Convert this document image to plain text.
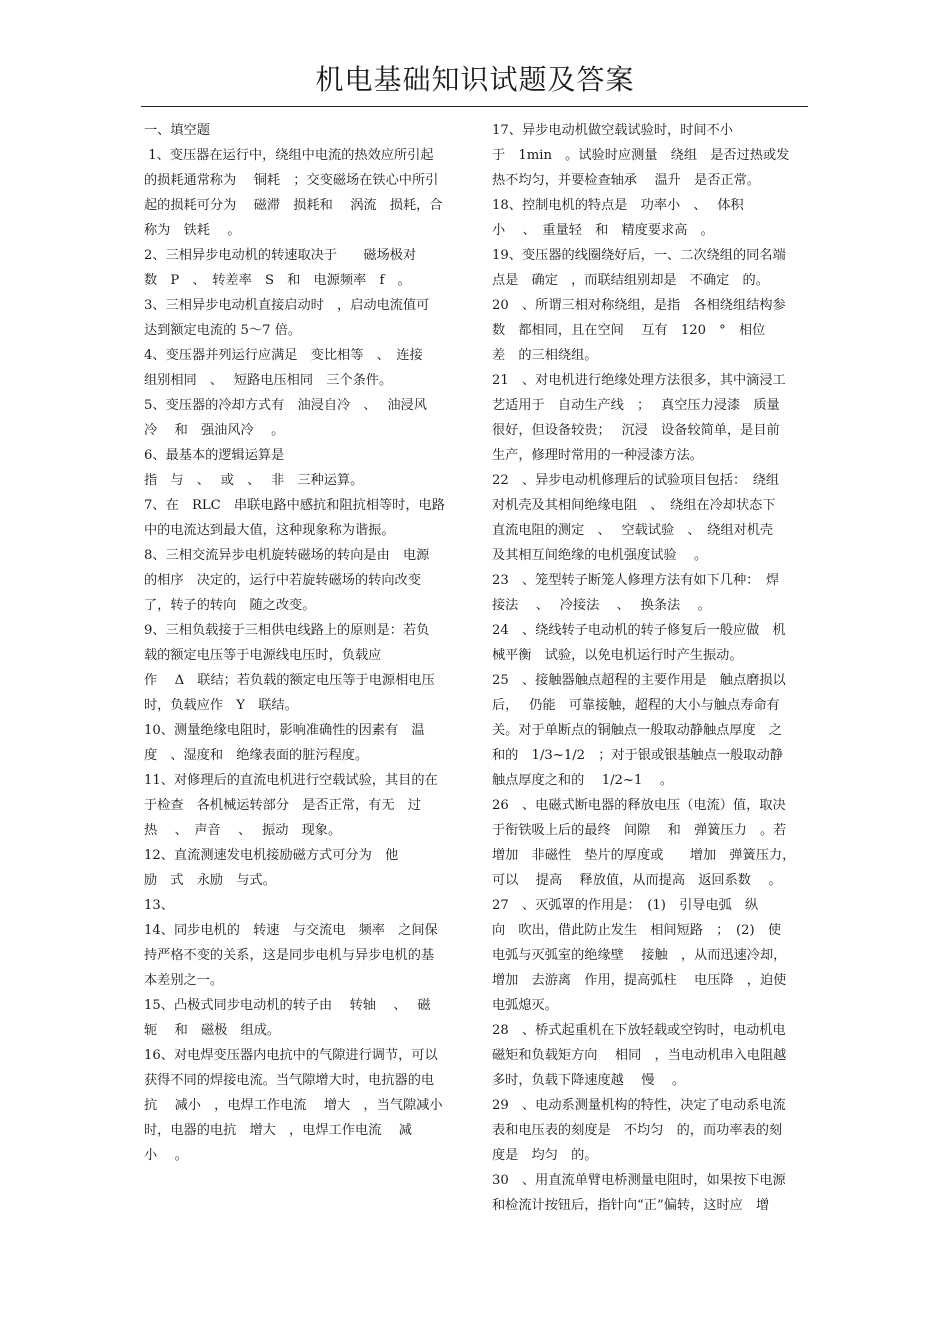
机电基础知识试题及答案
一、填空题
1、变压器在运行中，绕组中电流的热效应所引起
的损耗通常称为　 铜耗　；交变磁场在铁心中所引
起的损耗可分为　 磁滞　损耗和　 涡流　损耗，合
称为　铁耗　 。
2、三相异步电动机的转速取决于　　磁场极对
数　P　、　转差率　S　和　电源频率　f　。
3、三相异步电动机直接启动时　，启动电流值可
达到额定电流的 5～7 倍。
4、变压器并列运行应满足　变比相等　、　连接
组别相同　、　 短路电压相同　三个条件。
5、变压器的冷却方式有　油浸自冷　、　 油浸风
冷　 和　强油风冷　 。
6、最基本的逻辑运算是
指　与　、　 或　、　 非　三种运算。
7、在　RLC　串联电路中感抗和阻抗相等时，电路
中的电流达到最大值，这种现象称为谐振。
8、三相交流异步电机旋转磁场的转向是由　电源
的相序　决定的，运行中若旋转磁场的转向改变
了，转子的转向　随之改变。
9、三相负载接于三相供电线路上的原则是：若负
载的额定电压等于电源线电压时，负载应
作　 Δ　联结；若负载的额定电压等于电源相电压
时，负载应作　Y　联结。
10、测量绝缘电阻时，影响准确性的因素有　温
度　、湿度和　绝缘表面的脏污程度。
11、对修理后的直流电机进行空载试验，其目的在
于检查　各机械运转部分　是否正常，有无　过
热　 、　声音　 、　 振动　现象。
12、直流测速发电机接励磁方式可分为　他
励　式　永励　与式。
13、
14、同步电机的　转速　与交流电　频率　之间保
持严格不变的关系，这是同步电机与异步电机的基
本差别之一。
15、凸极式同步电动机的转子由　 转轴　 、　 磁
轭　 和　磁极　组成。
16、对电焊变压器内电抗中的气隙进行调节，可以
获得不同的焊接电流。当气隙增大时，电抗器的电
抗　 减小　，电焊工作电流　 增大　，当气隙减小
时，电器的电抗　增大　，电焊工作电流　 减
小　 。
17、异步电动机做空载试验时，时间不小
于　1min　。试验时应测量　绕组　是否过热或发
热不均匀，并要检查轴承　 温升　是否正常。
18、控制电机的特点是　功率小　、　 体积
小　 、　重量轻　和　精度要求高　。
19、变压器的线圈绕好后，一、二次绕组的同名端
点是　确定　，而联结组别却是　不确定　的。
20　、所谓三相对称绕组，是指　各相绕组结构参
数　都相同，且在空间　 互有　120　°　相位
差　的三相绕组。
21　、对电机进行绝缘处理方法很多，其中滴浸工
艺适用于　自动生产线　；　 真空压力浸漆　质量
很好，但设备较贵；　 沉浸　设备较简单，是目前
生产，修理时常用的一种浸漆方法。
22　、异步电动机修理后的试验项目包括：　绕组
对机壳及其相间绝缘电阻　、　绕组在冷却状态下
直流电阻的测定　、　 空载试验　、　绕组对机壳
及其相互间绝缘的电机强度试验　 。
23　、笼型转子断笼人修理方法有如下几种：　焊
接法　 、　 冷接法　 、　 换条法　 。
24　、绕线转子电动机的转子修复后一般应做　机
械平衡　试验，以免电机运行时产生振动。
25　、接触器触点超程的主要作用是　触点磨损以
后，　 仍能　可靠接触，超程的大小与触点寿命有
关。对于单断点的铜触点一般取动静触点厚度　之
和的　1/3~1/2　；对于银或银基触点一般取动静
触点厚度之和的　 1/2~1　 。
26　、电磁式断电器的释放电压（电流）值，取决
于衔铁吸上后的最终　间隙　 和　弹簧压力　。若
增加　非磁性　垫片的厚度或　　增加　弹簧压力，
可以　 提高　 释放值，从而提高　返回系数　 。
27　、灭弧罩的作用是：　(1)　引导电弧　纵
向　吹出，借此防止发生　相间短路　；　(2)　使
电弧与灭弧室的绝缘壁　 接触　，从而迅速冷却，
增加　去游离　作用，提高弧柱　 电压降　，迫使
电弧熄灭。
28　、桥式起重机在下放轻载或空钩时，电动机电
磁矩和负载矩方向　 相同　，当电动机串入电阻越
多时，负载下降速度越　 慢　 。
29　、电动系测量机构的特性，决定了电动系电流
表和电压表的刻度是　不均匀　的，而功率表的刻
度是　均匀　的。
30　、用直流单臂电桥测量电阻时，如果按下电源
和检流计按钮后，指针向“正”偏转，这时应　增
